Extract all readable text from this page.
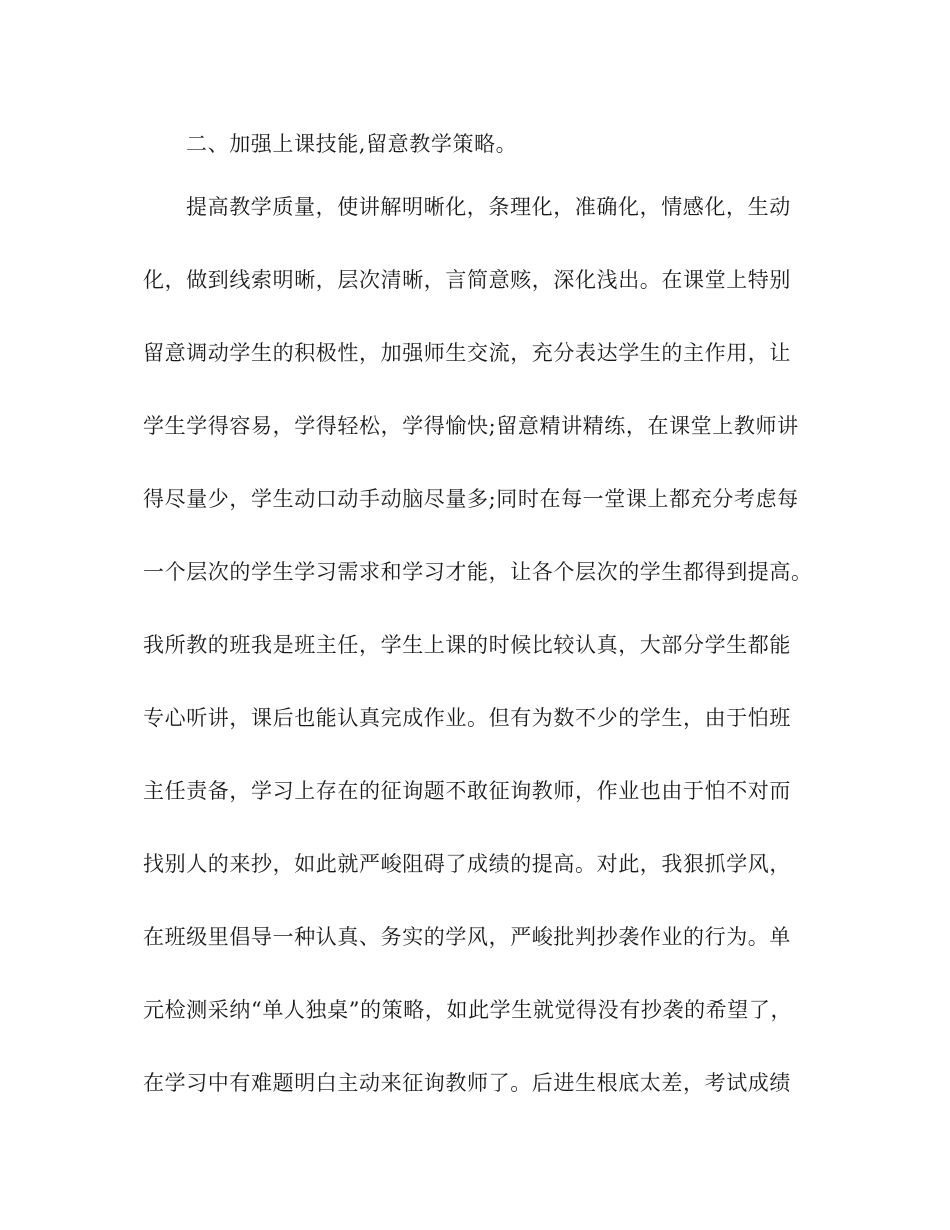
二、加强上课技能,留意教学策略。
提高教学质量，使讲解明晰化，条理化，准确化，情感化，生动
化，做到线索明晰，层次清晰，言简意赅，深化浅出。在课堂上特别
留意调动学生的积极性，加强师生交流，充分表达学生的主作用，让
学生学得容易，学得轻松，学得愉快;留意精讲精练，在课堂上教师讲
得尽量少，学生动口动手动脑尽量多;同时在每一堂课上都充分考虑每
一个层次的学生学习需求和学习才能，让各个层次的学生都得到提高。
我所教的班我是班主任，学生上课的时候比较认真，大部分学生都能
专心听讲，课后也能认真完成作业。但有为数不少的学生，由于怕班
主任责备，学习上存在的征询题不敢征询教师，作业也由于怕不对而
找别人的来抄，如此就严峻阻碍了成绩的提高。对此，我狠抓学风，
在班级里倡导一种认真、务实的学风，严峻批判抄袭作业的行为。单
元检测采纳“单人独桌”的策略，如此学生就觉得没有抄袭的希望了，
在学习中有难题明白主动来征询教师了。后进生根底太差，考试成绩
